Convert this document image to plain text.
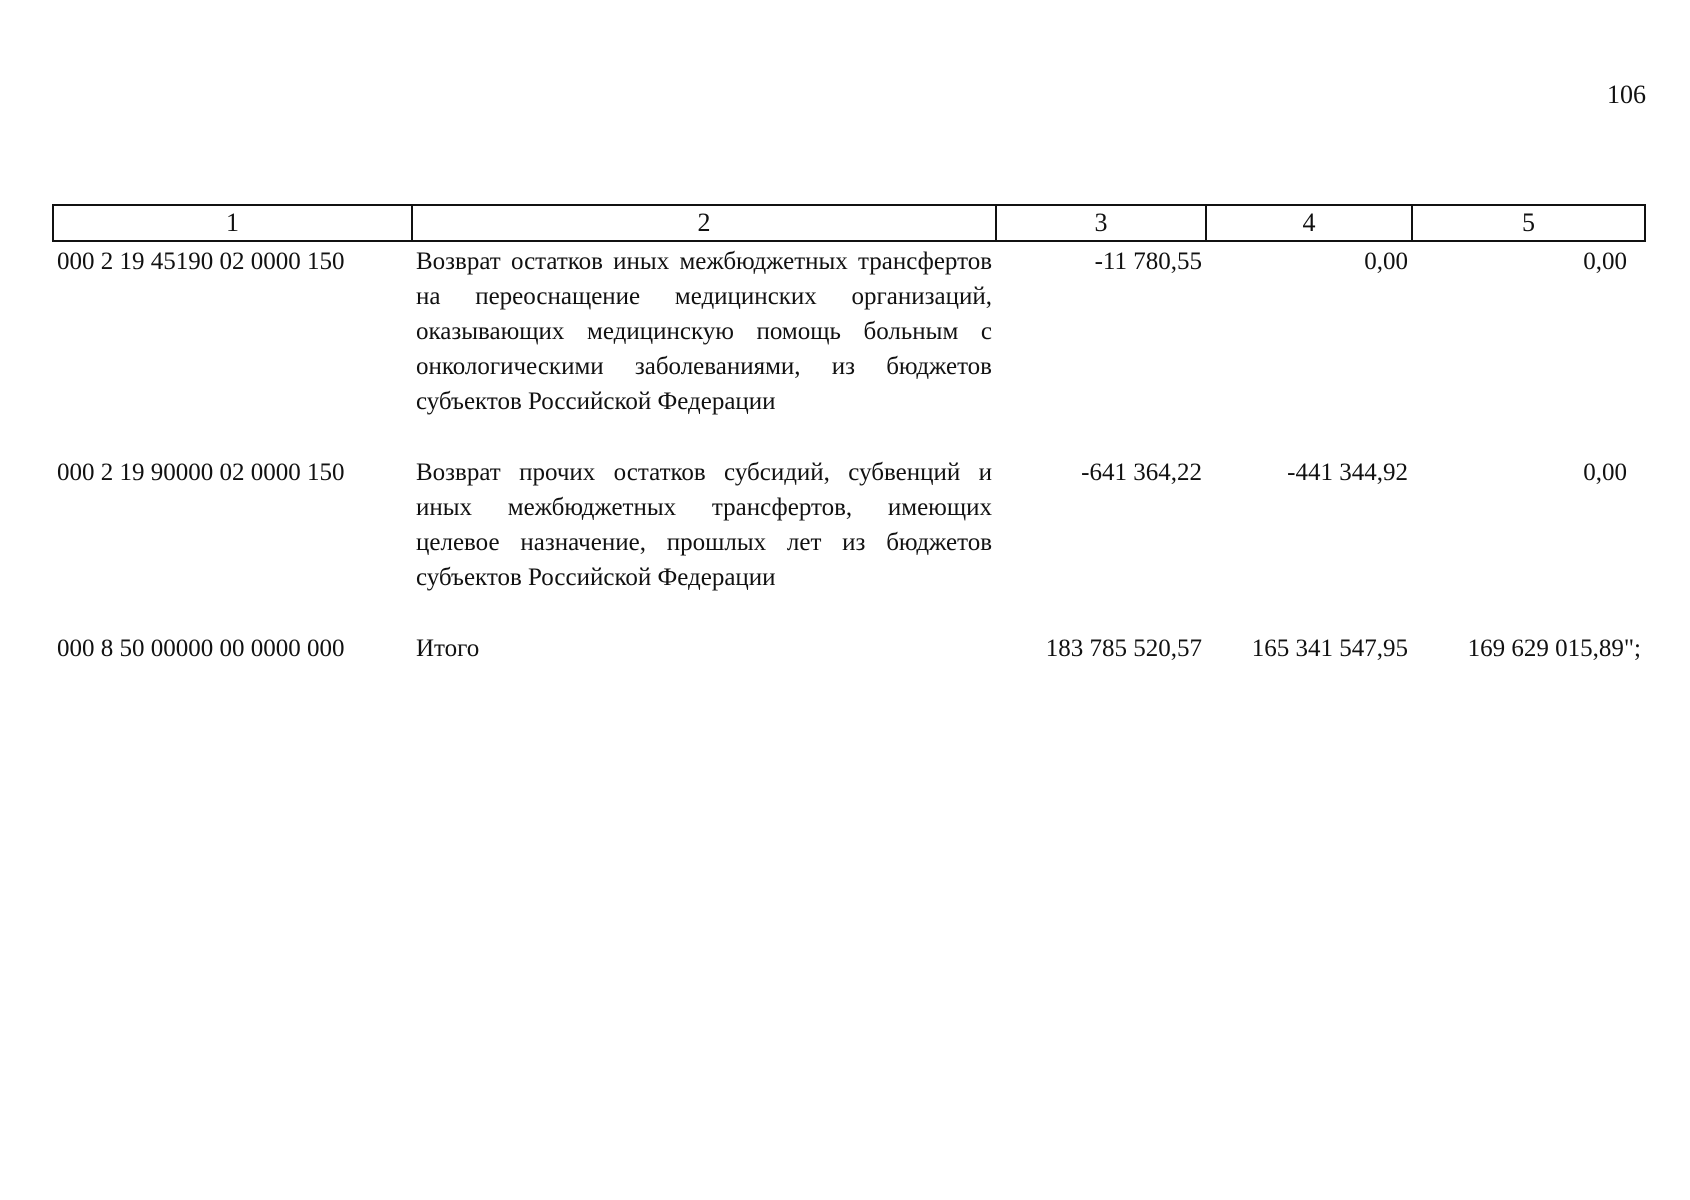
106
1	2	3	4	5
000 2 19 45190 02 0000 150	Возврат остатков иных межбюджетных трансфертов на переоснащение медицинских организаций, оказывающих медицинскую помощь больным с онкологическими заболеваниями, из бюджетов субъектов Российской Федерации	-11 780,55	0,00	0,00

000 2 19 90000 02 0000 150	Возврат прочих остатков субсидий, субвенций и иных межбюджетных трансфертов, имеющих целевое назначение, прошлых лет из бюджетов субъектов Российской Федерации	-641 364,22	-441 344,92	0,00

000 8 50 00000 00 0000 000	Итого	183 785 520,57	165 341 547,95	169 629 015,89";
